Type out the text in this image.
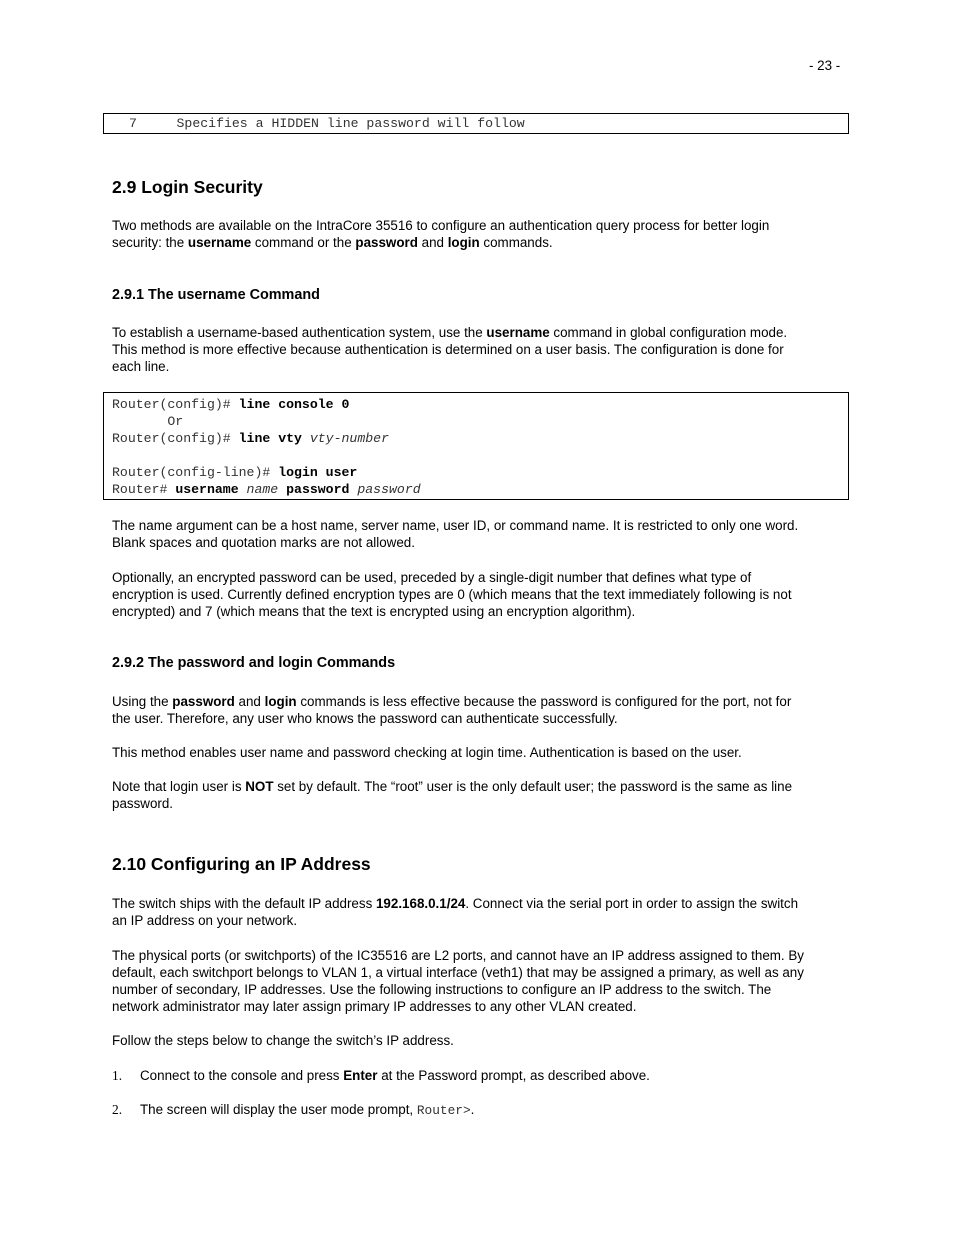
- 23 -
7	Specifies a HIDDEN line password will follow
2.9 Login Security
Two methods are available on the IntraCore 35516 to configure an authentication query process for better login
security: the username command or the password and login commands.
2.9.1 The username Command
To establish a username-based authentication system, use the username command in global configuration mode.
This method is more effective because authentication is determined on a user basis. The configuration is done for
each line.
Router(config)# line console 0
Or
Router(config)# line vty vty-number
Router(config-line)# login user
Router# username name password password
The name argument can be a host name, server name, user ID, or command name. It is restricted to only one word.
Blank spaces and quotation marks are not allowed.
Optionally, an encrypted password can be used, preceded by a single-digit number that defines what type of
encryption is used. Currently defined encryption types are 0 (which means that the text immediately following is not
encrypted) and 7 (which means that the text is encrypted using an encryption algorithm).
2.9.2 The password and login Commands
Using the password and login commands is less effective because the password is configured for the port, not for
the user. Therefore, any user who knows the password can authenticate successfully.
This method enables user name and password checking at login time. Authentication is based on the user.
Note that login user is NOT set by default. The “root” user is the only default user; the password is the same as line
password.
2.10 Configuring an IP Address
The switch ships with the default IP address 192.168.0.1/24. Connect via the serial port in order to assign the switch
an IP address on your network.
The physical ports (or switchports) of the IC35516 are L2 ports, and cannot have an IP address assigned to them. By
default, each switchport belongs to VLAN 1, a virtual interface (veth1) that may be assigned a primary, as well as any
number of secondary, IP addresses. Use the following instructions to configure an IP address to the switch. The
network administrator may later assign primary IP addresses to any other VLAN created.
Follow the steps below to change the switch’s IP address.
1. Connect to the console and press Enter at the Password prompt, as described above.
2. The screen will display the user mode prompt, Router>.
